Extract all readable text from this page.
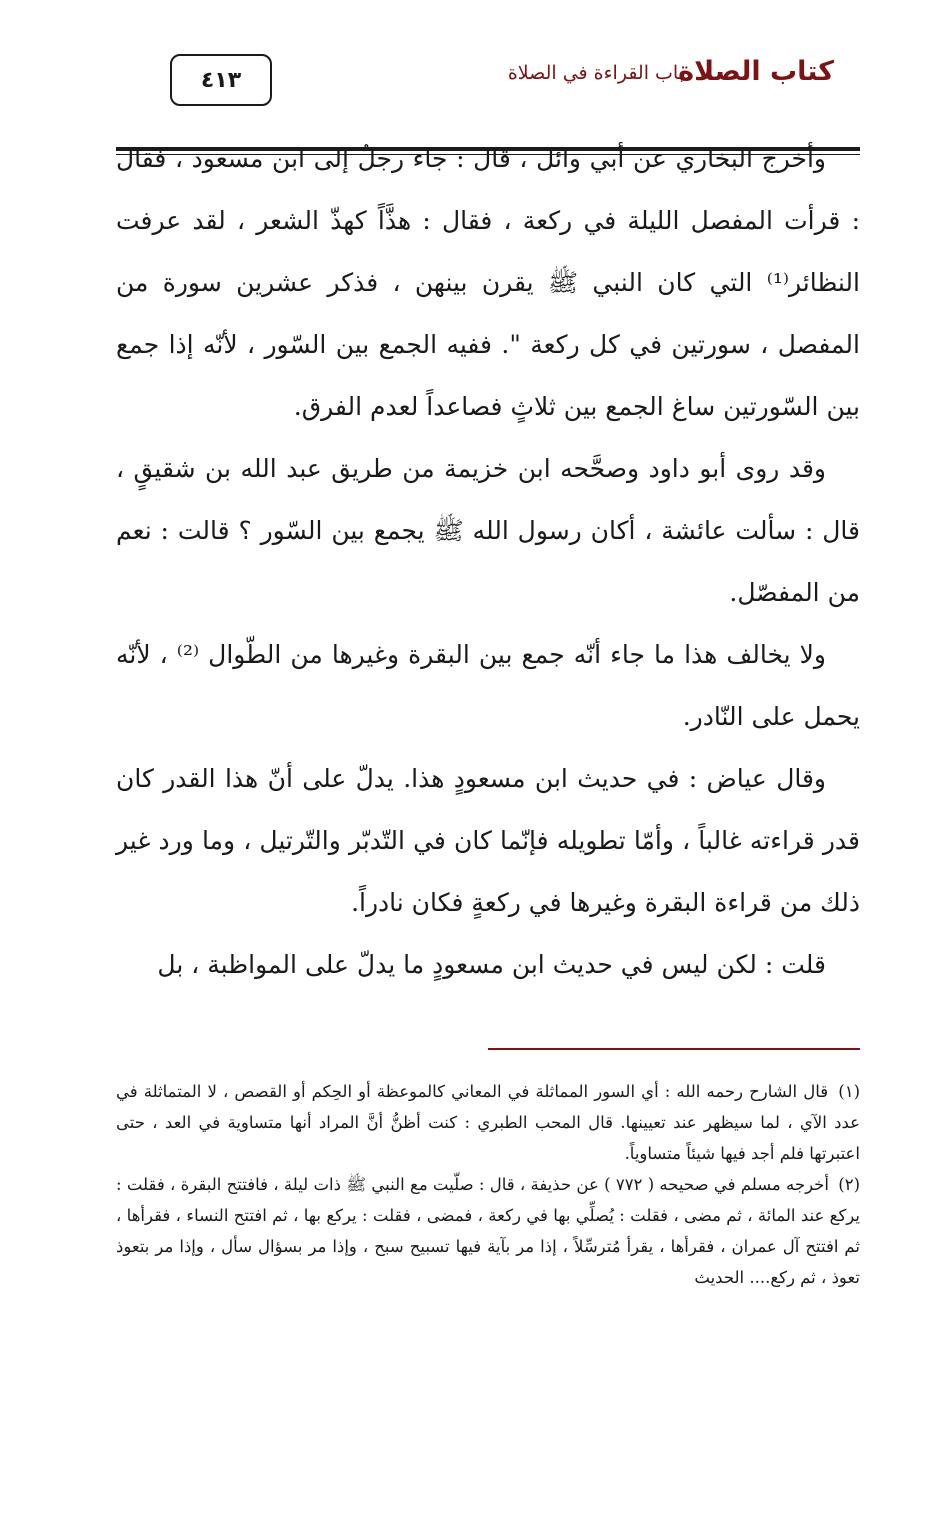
كتاب الصلاة
باب القراءة في الصلاة
٤١٣

وأخرج البخاري عن أبي وائل ، قال : جاء رجلٌ إلى ابن مسعود ، فقال : قرأت المفصل الليلة في ركعة ، فقال : هذَّاً كهذّ الشعر ، لقد عرفت النظائر⁽¹⁾ التي كان النبي ﷺ يقرن بينهن ، فذكر عشرين سورة من المفصل ، سورتين في كل ركعة ". ففيه الجمع بين السّور ، لأنّه إذا جمع بين السّورتين ساغ الجمع بين ثلاثٍ فصاعداً لعدم الفرق.

وقد روى أبو داود وصحَّحه ابن خزيمة من طريق عبد الله بن شقيقٍ ، قال : سألت عائشة ، أكان رسول الله ﷺ يجمع بين السّور ؟ قالت : نعم من المفصّل.

ولا يخالف هذا ما جاء أنّه جمع بين البقرة وغيرها من الطّوال ⁽²⁾ ، لأنّه يحمل على النّادر.

وقال عياض : في حديث ابن مسعودٍ هذا. يدلّ على أنّ هذا القدر كان قدر قراءته غالباً ، وأمّا تطويله فإنّما كان في التّدبّر والتّرتيل ، وما ورد غير ذلك من قراءة البقرة وغيرها في ركعةٍ فكان نادراً.

قلت : لكن ليس في حديث ابن مسعودٍ ما يدلّ على المواظبة ، بل

(١) قال الشارح رحمه الله : أي السور المماثلة في المعاني كالموعظة أو الحِكم أو القصص ، لا المتماثلة في عدد الآي ، لما سيظهر عند تعيينها. قال المحب الطبري : كنت أظنُّ أنَّ المراد أنها متساوية في العد ، حتى اعتبرتها فلم أجد فيها شيئاً متساوياً.

(٢) أخرجه مسلم في صحيحه ( ٧٧٢ ) عن حذيفة ، قال : صلّيت مع النبي ﷺ ذات ليلة ، فافتتح البقرة ، فقلت : يركع عند المائة ، ثم مضى ، فقلت : يُصلِّي بها في ركعة ، فمضى ، فقلت : يركع بها ، ثم افتتح النساء ، فقرأها ، ثم افتتح آل عمران ، فقرأها ، يقرأ مُترسِّلاً ، إذا مر بآية فيها تسبيح سبح ، وإذا مر بسؤال سأل ، وإذا مر بتعوذ تعوذ ، ثم ركع.... الحديث
